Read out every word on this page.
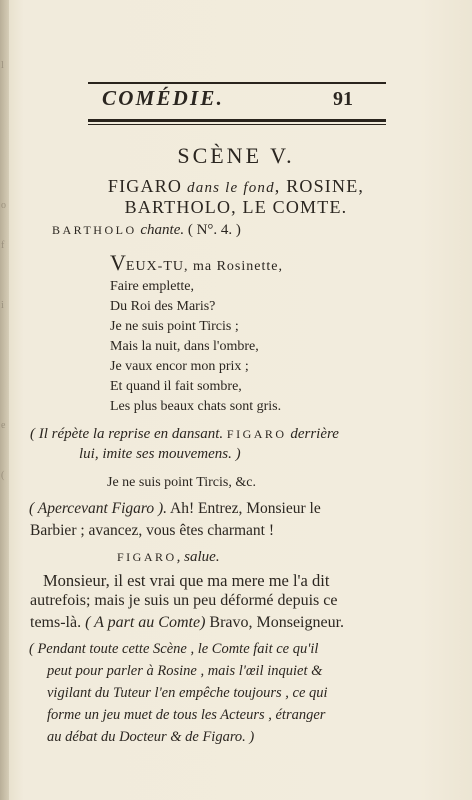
l
o
f
i
e
(
COMÉDIE.	91
SCÈNE V.
FIGARO dans le fond, ROSINE,
BARTHOLO, LE COMTE.
BARTHOLO chante. ( N°. 4. )
VEUX-TU, ma Rosinette,
Faire emplette,
Du Roi des Maris?
Je ne suis point Tircis ;
Mais la nuit, dans l'ombre,
Je vaux encor mon prix ;
Et quand il fait sombre,
Les plus beaux chats sont gris.
( Il répète la reprise en dansant. FIGARO derrière
lui, imite ses mouvemens. )
Je ne suis point Tircis, &c.
( Apercevant Figaro ). Ah! Entrez, Monsieur le
Barbier ; avancez, vous êtes charmant !
FIGARO, salue.
Monsieur, il est vrai que ma mere me l'a dit
autrefois; mais je suis un peu déformé depuis ce
tems-là. ( A part au Comte) Bravo, Monseigneur.
( Pendant toute cette Scène , le Comte fait ce qu'il
peut pour parler à Rosine , mais l'œil inquiet &
vigilant du Tuteur l'en empêche toujours , ce qui
forme un jeu muet de tous les Acteurs , étranger
au débat du Docteur & de Figaro. )
